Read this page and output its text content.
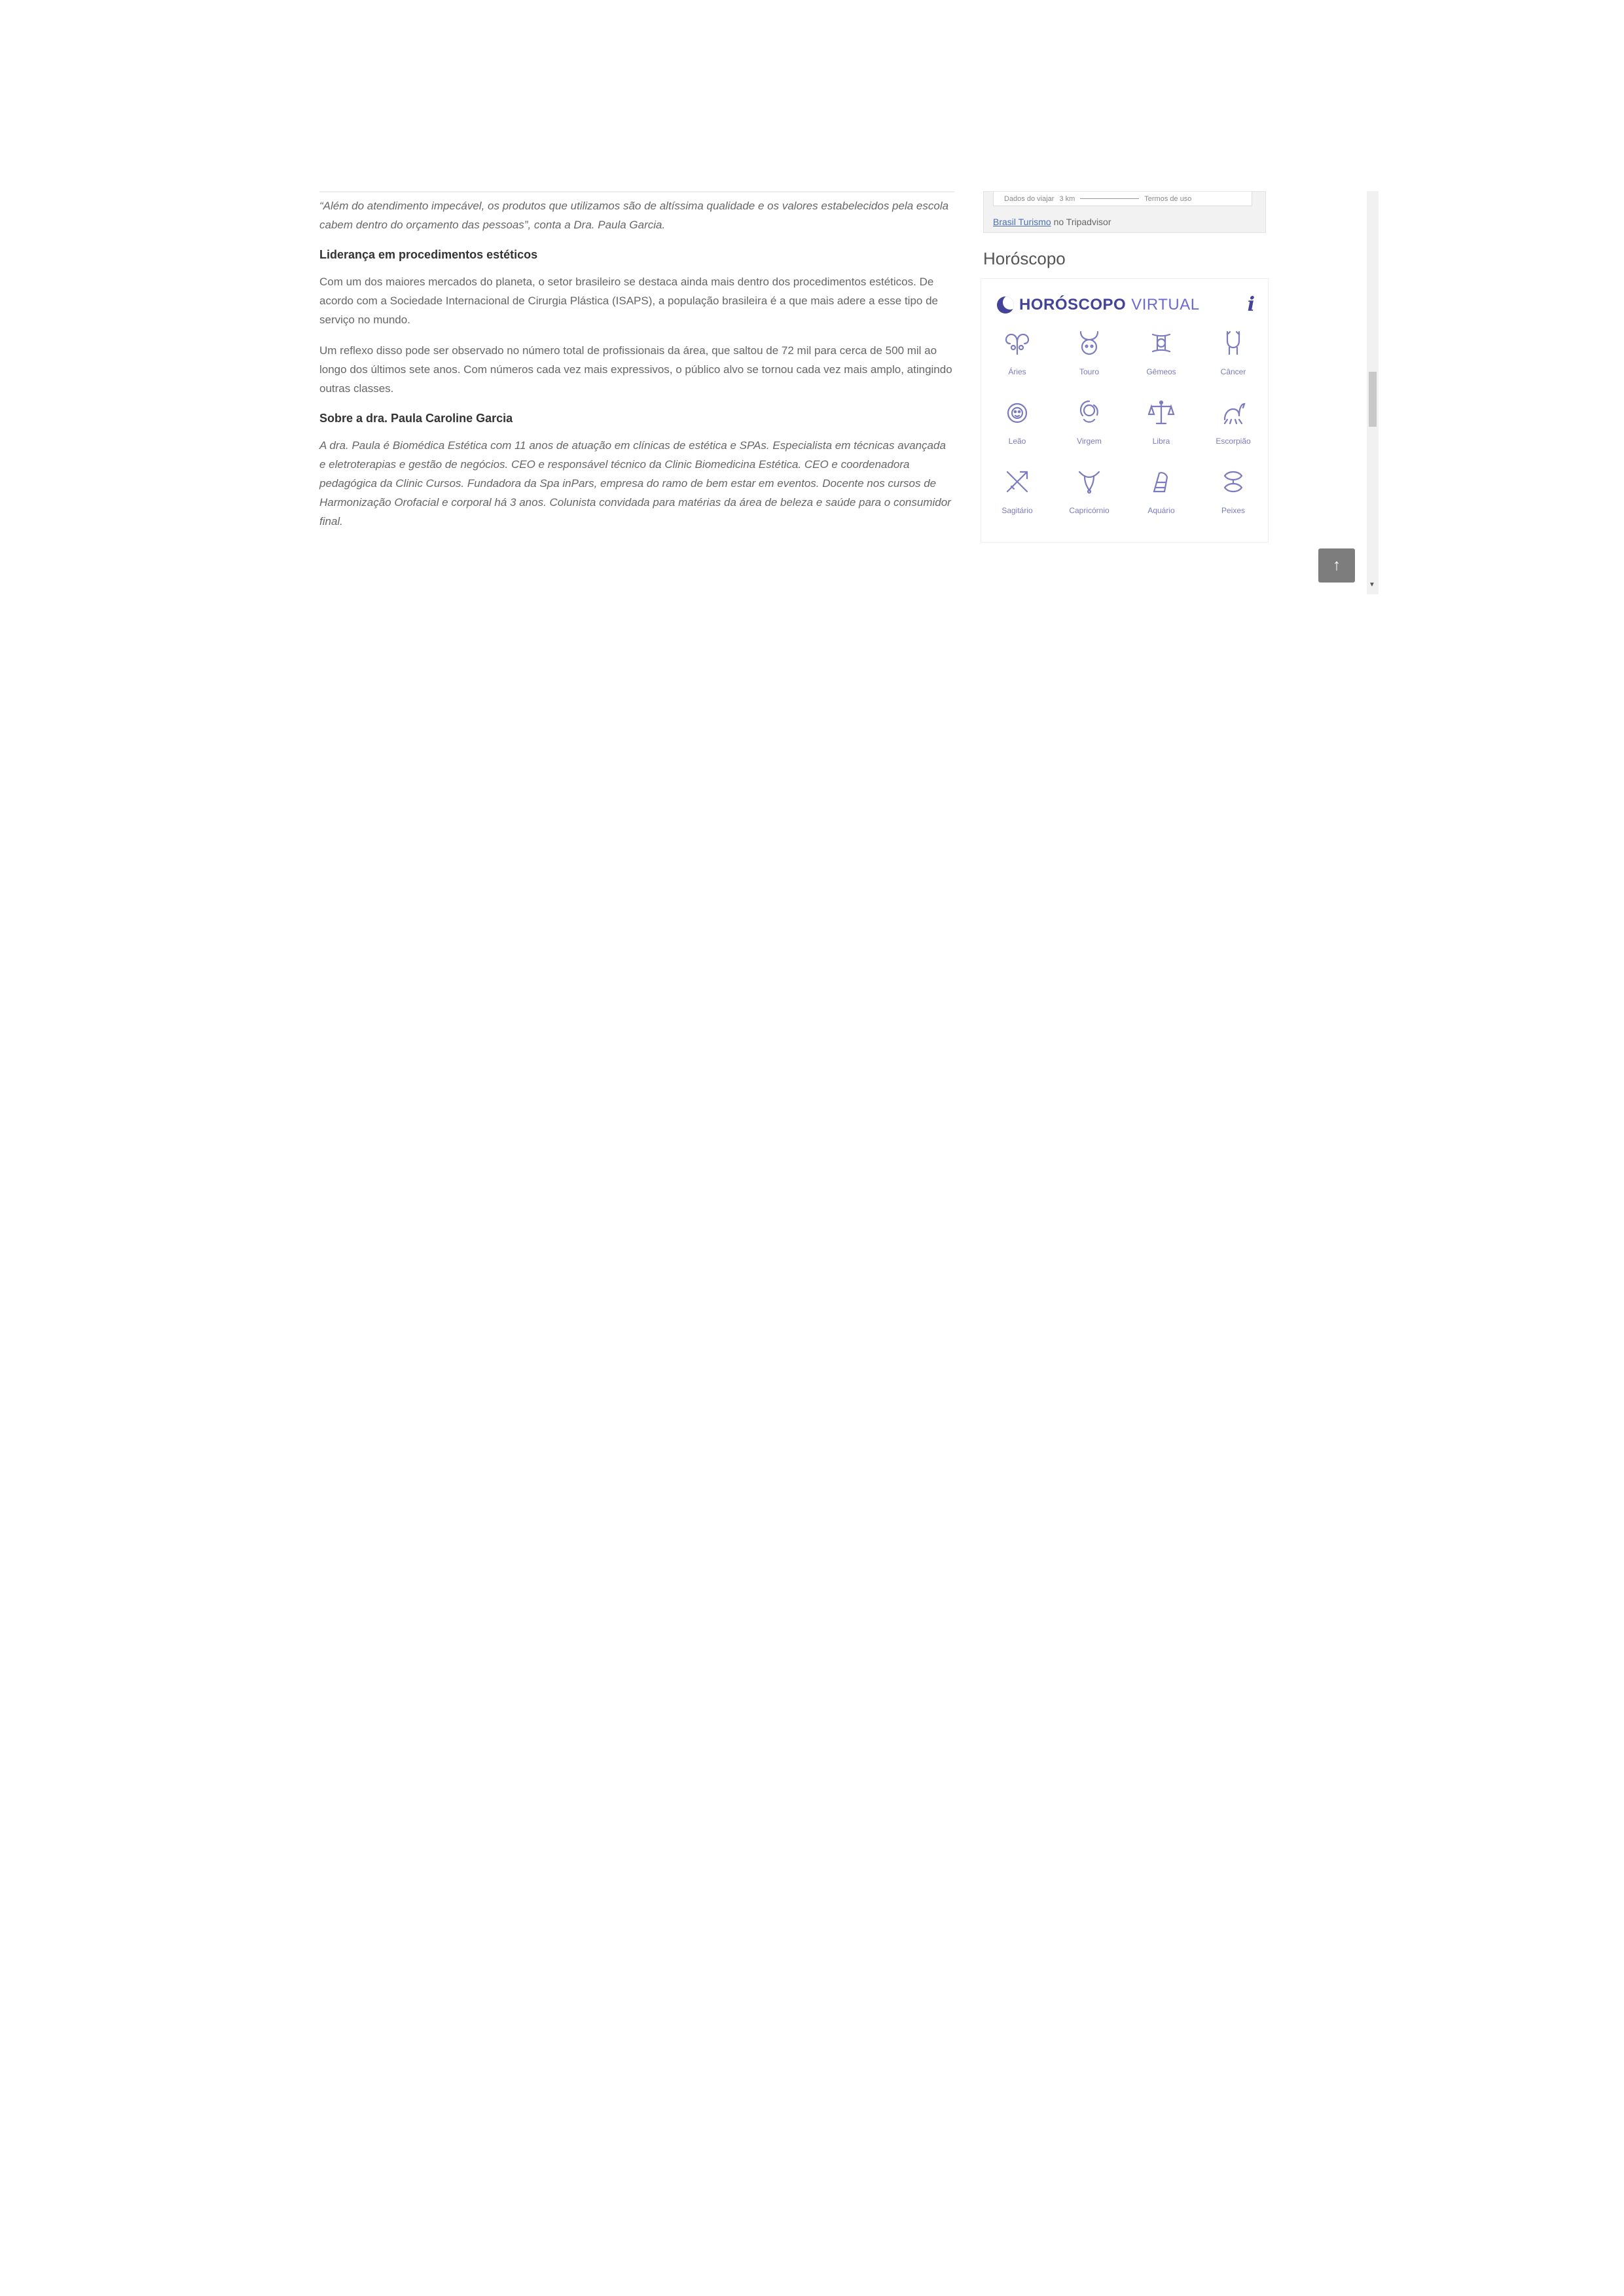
“Além do atendimento impecável, os produtos que utilizamos são de altíssima qualidade e os valores estabelecidos pela escola cabem dentro do orçamento das pessoas”, conta a Dra. Paula Garcia.

Liderança em procedimentos estéticos

Com um dos maiores mercados do planeta, o setor brasileiro se destaca ainda mais dentro dos procedimentos estéticos. De acordo com a Sociedade Internacional de Cirurgia Plástica (ISAPS), a população brasileira é a que mais adere a esse tipo de serviço no mundo.

Um reflexo disso pode ser observado no número total de profissionais da área, que saltou de 72 mil para cerca de 500 mil ao longo dos últimos sete anos. Com números cada vez mais expressivos, o público alvo se tornou cada vez mais amplo, atingindo outras classes.

Sobre a dra. Paula Caroline Garcia

A dra. Paula é Biomédica Estética com 11 anos de atuação em clínicas de estética e SPAs. Especialista em técnicas avançada e eletroterapias e gestão de negócios. CEO e responsável técnico da Clinic Biomedicina Estética. CEO e coordenadora pedagógica da Clinic Cursos. Fundadora da Spa inPars, empresa do ramo de bem estar em eventos. Docente nos cursos de Harmonização Orofacial e corporal há 3 anos. Colunista convidada para matérias da área de beleza e saúde para o consumidor final.

Dados do viajar 3 km	Termos de uso
Brasil Turismo no Tripadvisor
Horóscopo
HORÓSCOPO VIRTUAL i
Áries	Touro	Gêmeos	Câncer
Leão	Virgem	Libra	Escorpião
Sagitário	Capricórnio	Aquário	Peixes
↑
▼
